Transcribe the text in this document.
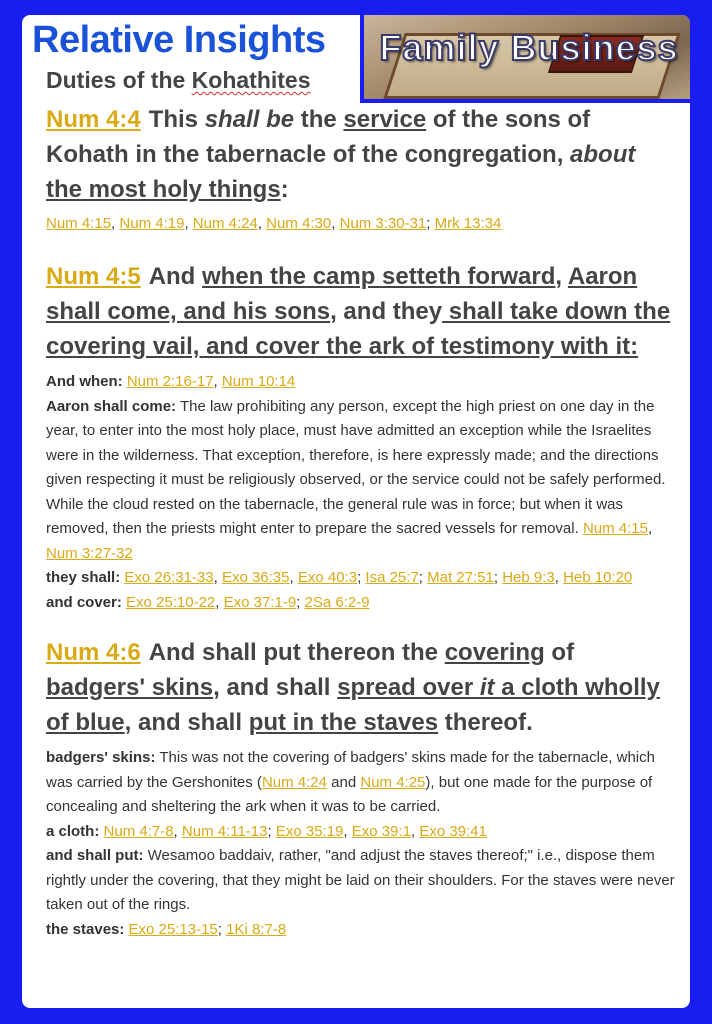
Relative Insights
Duties of the Kohathites
Family Business
Num 4:4 This shall be the service of the sons of Kohath in the tabernacle of the congregation, about the most holy things:
Num 4:15, Num 4:19, Num 4:24, Num 4:30, Num 3:30-31; Mrk 13:34
Num 4:5 And when the camp setteth forward, Aaron shall come, and his sons, and they shall take down the covering vail, and cover the ark of testimony with it:
And when: Num 2:16-17, Num 10:14
Aaron shall come: The law prohibiting any person, except the high priest on one day in the year, to enter into the most holy place, must have admitted an exception while the Israelites were in the wilderness. That exception, therefore, is here expressly made; and the directions given respecting it must be religiously observed, or the service could not be safely performed. While the cloud rested on the tabernacle, the general rule was in force; but when it was removed, then the priests might enter to prepare the sacred vessels for removal. Num 4:15, Num 3:27-32
they shall: Exo 26:31-33, Exo 36:35, Exo 40:3; Isa 25:7; Mat 27:51; Heb 9:3, Heb 10:20
and cover: Exo 25:10-22, Exo 37:1-9; 2Sa 6:2-9
Num 4:6 And shall put thereon the covering of badgers' skins, and shall spread over it a cloth wholly of blue, and shall put in the staves thereof.
badgers' skins: This was not the covering of badgers' skins made for the tabernacle, which was carried by the Gershonites (Num 4:24 and Num 4:25), but one made for the purpose of concealing and sheltering the ark when it was to be carried.
a cloth: Num 4:7-8, Num 4:11-13; Exo 35:19, Exo 39:1, Exo 39:41
and shall put: Wesamoo baddaiv, rather, "and adjust the staves thereof;" i.e., dispose them rightly under the covering, that they might be laid on their shoulders. For the staves were never taken out of the rings.
the staves: Exo 25:13-15; 1Ki 8:7-8
